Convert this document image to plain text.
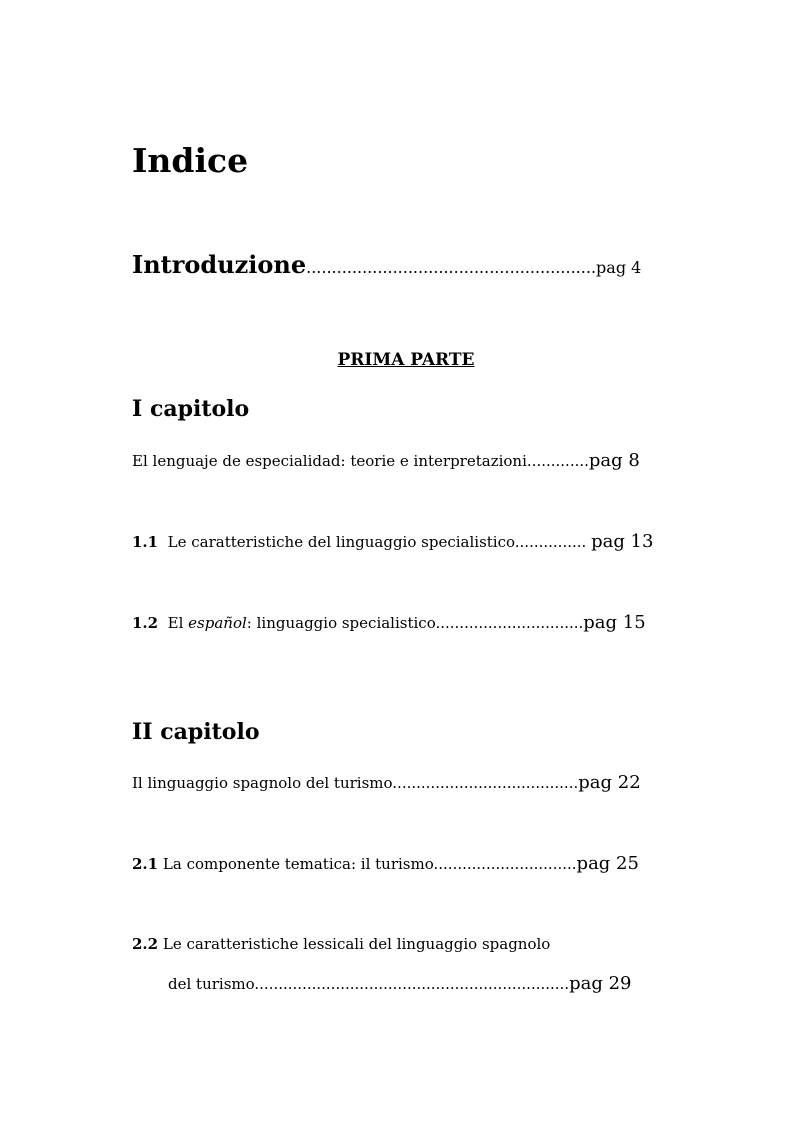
Indice
Introduzione.........................................................pag 4
PRIMA PARTE
I capitolo
El lenguaje de especialidad: teorie e interpretazioni.............pag 8
1.1 Le caratteristiche del linguaggio specialistico............... pag 13
1.2 El español: linguaggio specialistico...............................pag 15
II capitolo
Il linguaggio spagnolo del turismo.......................................pag 22
2.1 La componente tematica: il turismo..............................pag 25
2.2 Le caratteristiche lessicali del linguaggio spagnolo
del turismo..................................................................pag 29
